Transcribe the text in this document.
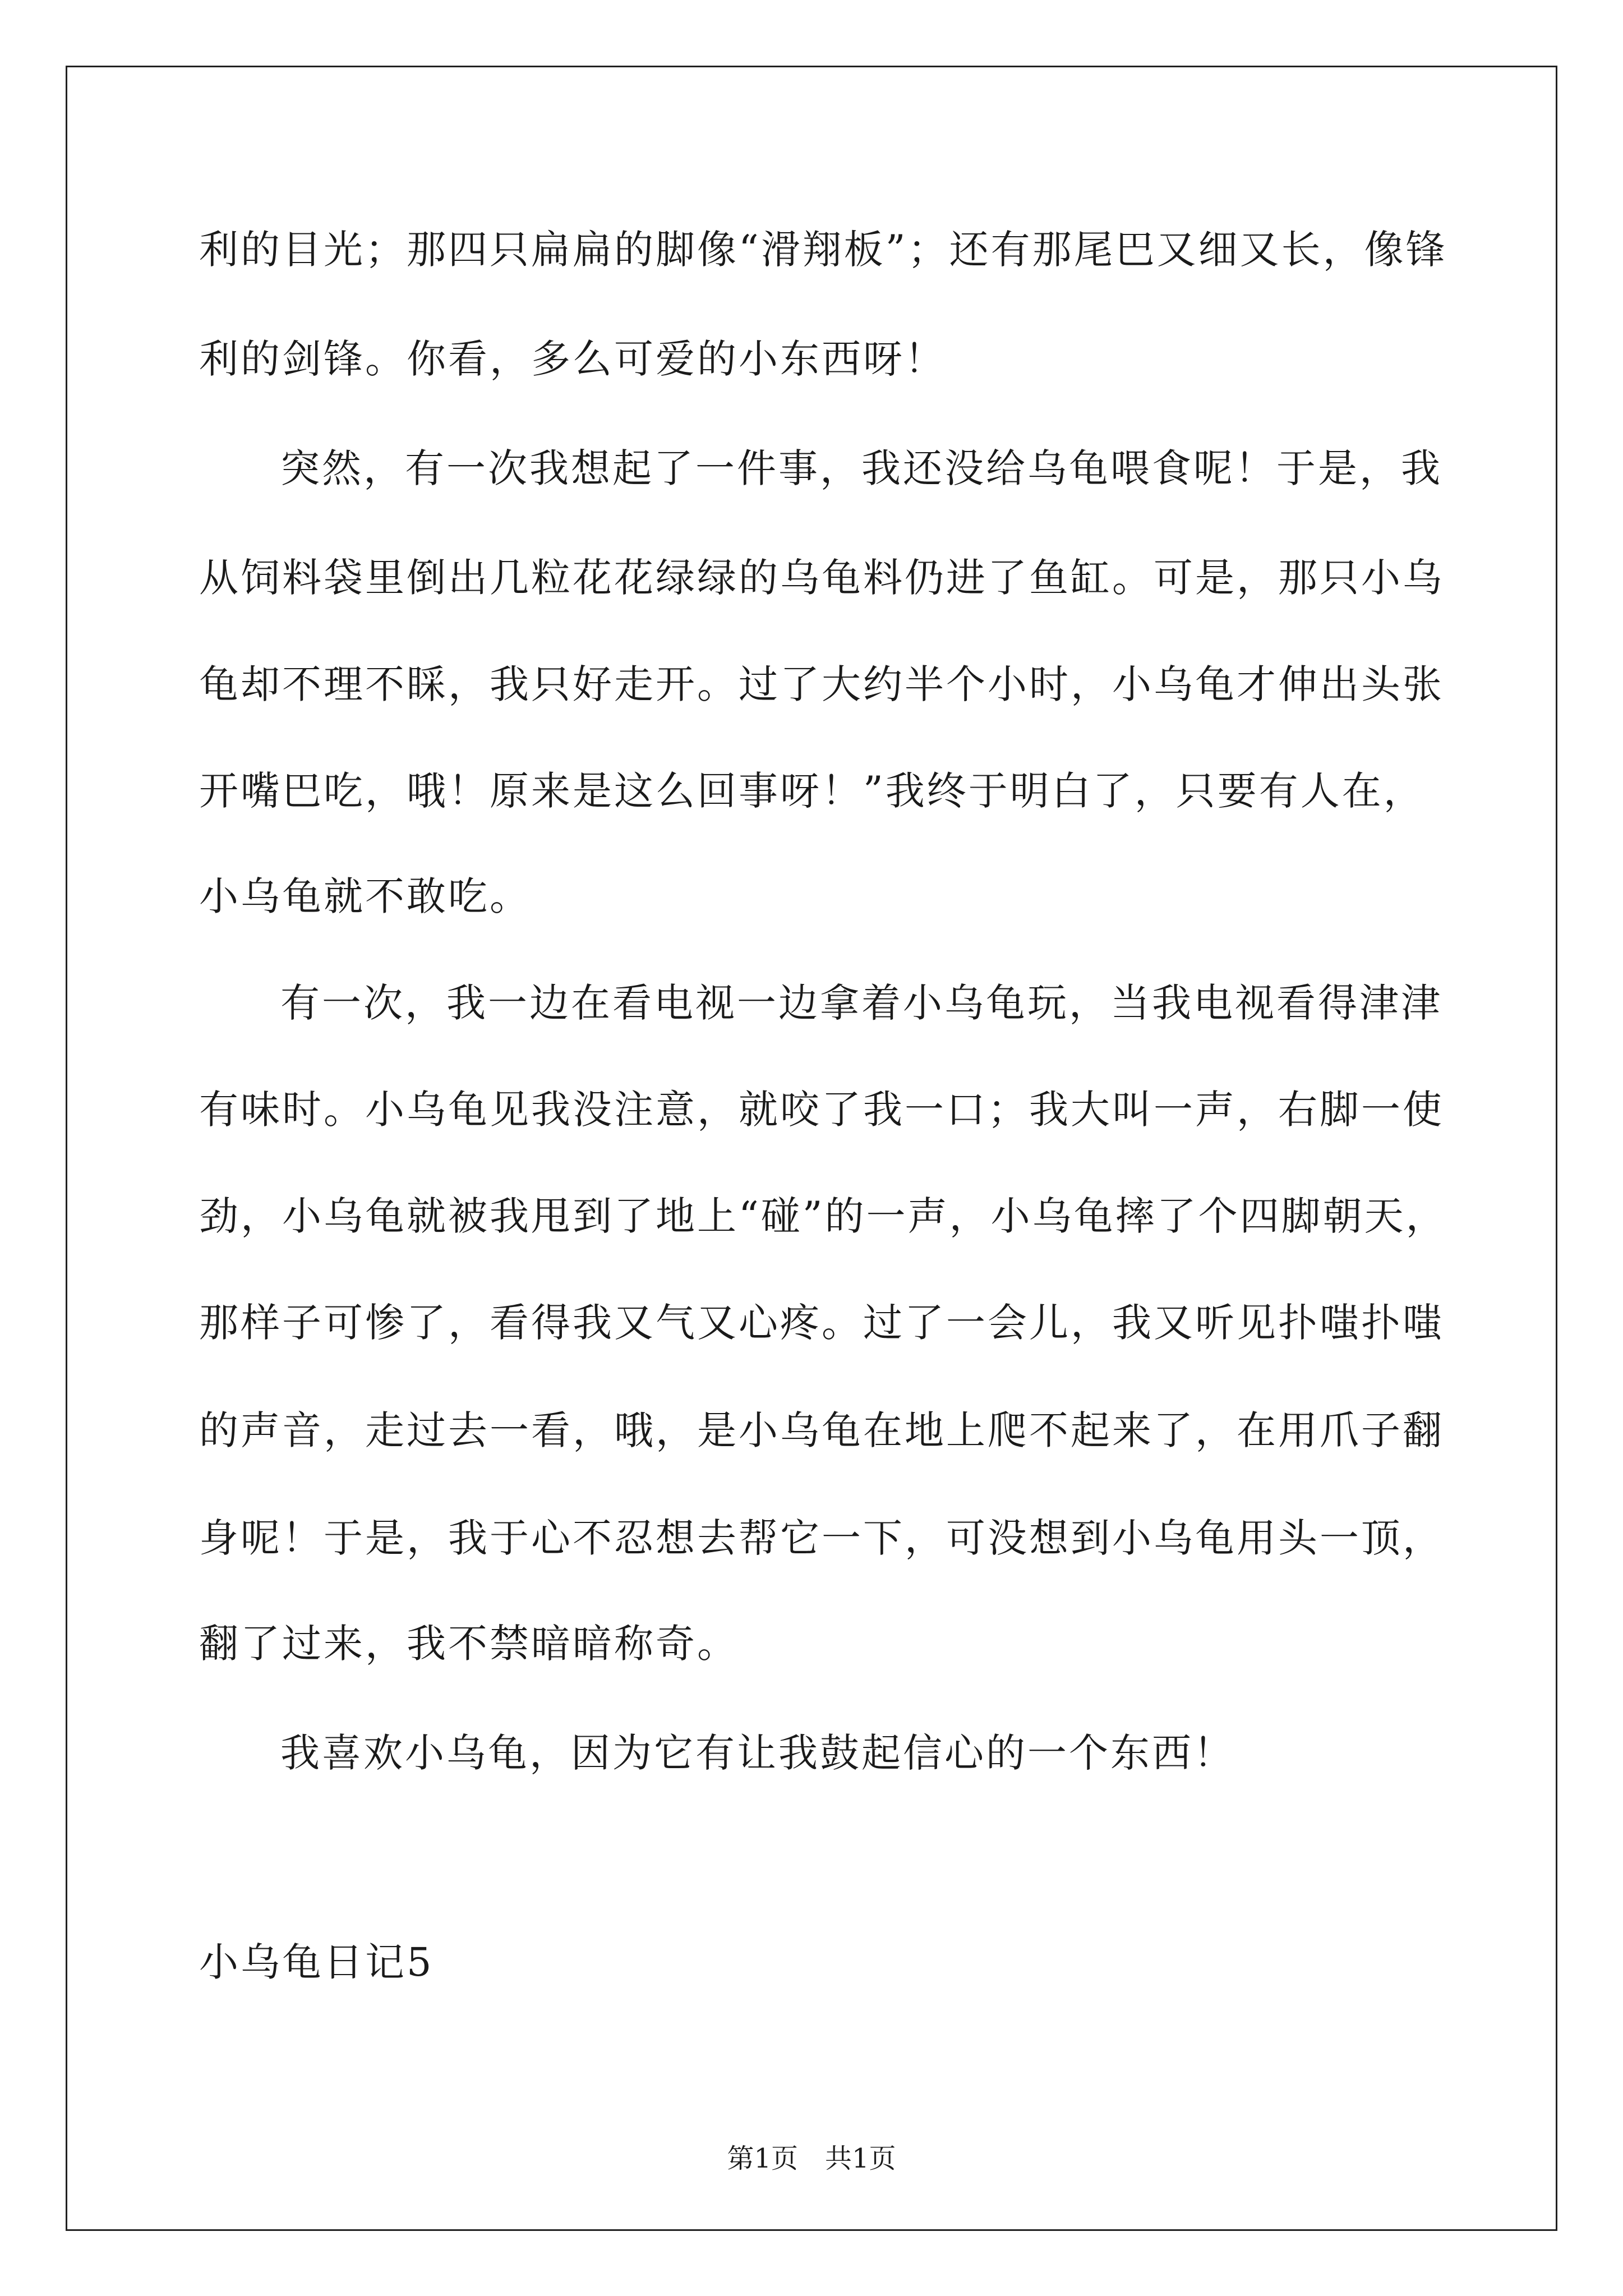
利的目光；那四只扁扁的脚像“滑翔板”；还有那尾巴又细又长，像锋
利的剑锋。你看，多么可爱的小东西呀！
突然，有一次我想起了一件事，我还没给乌龟喂食呢！于是，我
从饲料袋里倒出几粒花花绿绿的乌龟料仍进了鱼缸。可是，那只小乌
龟却不理不睬，我只好走开。过了大约半个小时，小乌龟才伸出头张
开嘴巴吃，哦！原来是这么回事呀！”我终于明白了，只要有人在，
小乌龟就不敢吃。
有一次，我一边在看电视一边拿着小乌龟玩，当我电视看得津津
有味时。小乌龟见我没注意，就咬了我一口；我大叫一声，右脚一使
劲，小乌龟就被我甩到了地上“碰”的一声，小乌龟摔了个四脚朝天，
那样子可惨了，看得我又气又心疼。过了一会儿，我又听见扑嗤扑嗤
的声音，走过去一看，哦，是小乌龟在地上爬不起来了，在用爪子翻
身呢！于是，我于心不忍想去帮它一下，可没想到小乌龟用头一顶，
翻了过来，我不禁暗暗称奇。
我喜欢小乌龟，因为它有让我鼓起信心的一个东西！
小乌龟日记5
第1页　共1页
